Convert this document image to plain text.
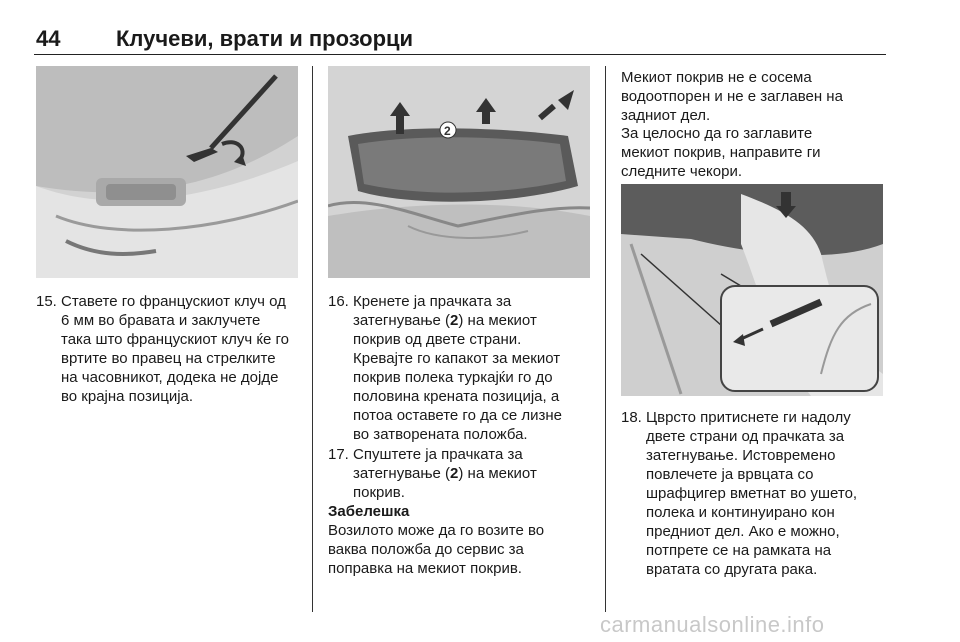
44	Клучеви, врати и прозорци
2
15. Ставете го францускиот клуч од
6 мм во бравата и заклучете
така што францускиот клуч ќе го
вртите во правец на стрелките
на часовникот, додека не дојде
во крајна позиција.
16. Кренете ја прачката за
затегнување (2) на мекиот
покрив од двете страни.
Кревајте го капакот за мекиот
покрив полека туркајќи го до
половина крената позиција, а
потоа оставете го да се лизне
во затворената положба.
17. Спуштете ја прачката за
затегнување (2) на мекиот
покрив.
Забелешка
Возилото може да го возите во
ваква положба до сервис за
поправка на мекиот покрив.
Мекиот покрив не е сосема
водоотпорен и не е заглавен на
задниот дел.
За целосно да го заглавите
мекиот покрив, направите ги
следните чекори.
18. Цврсто притиснете ги надолу
двете страни од прачката за
затегнување. Истовремено
повлечете ја врвцата со
шрафцигер вметнат во ушето,
полека и континуирано кон
предниот дел. Ако е можно,
потпрете се на рамката на
вратата со другата рака.
carmanualsonline.info
